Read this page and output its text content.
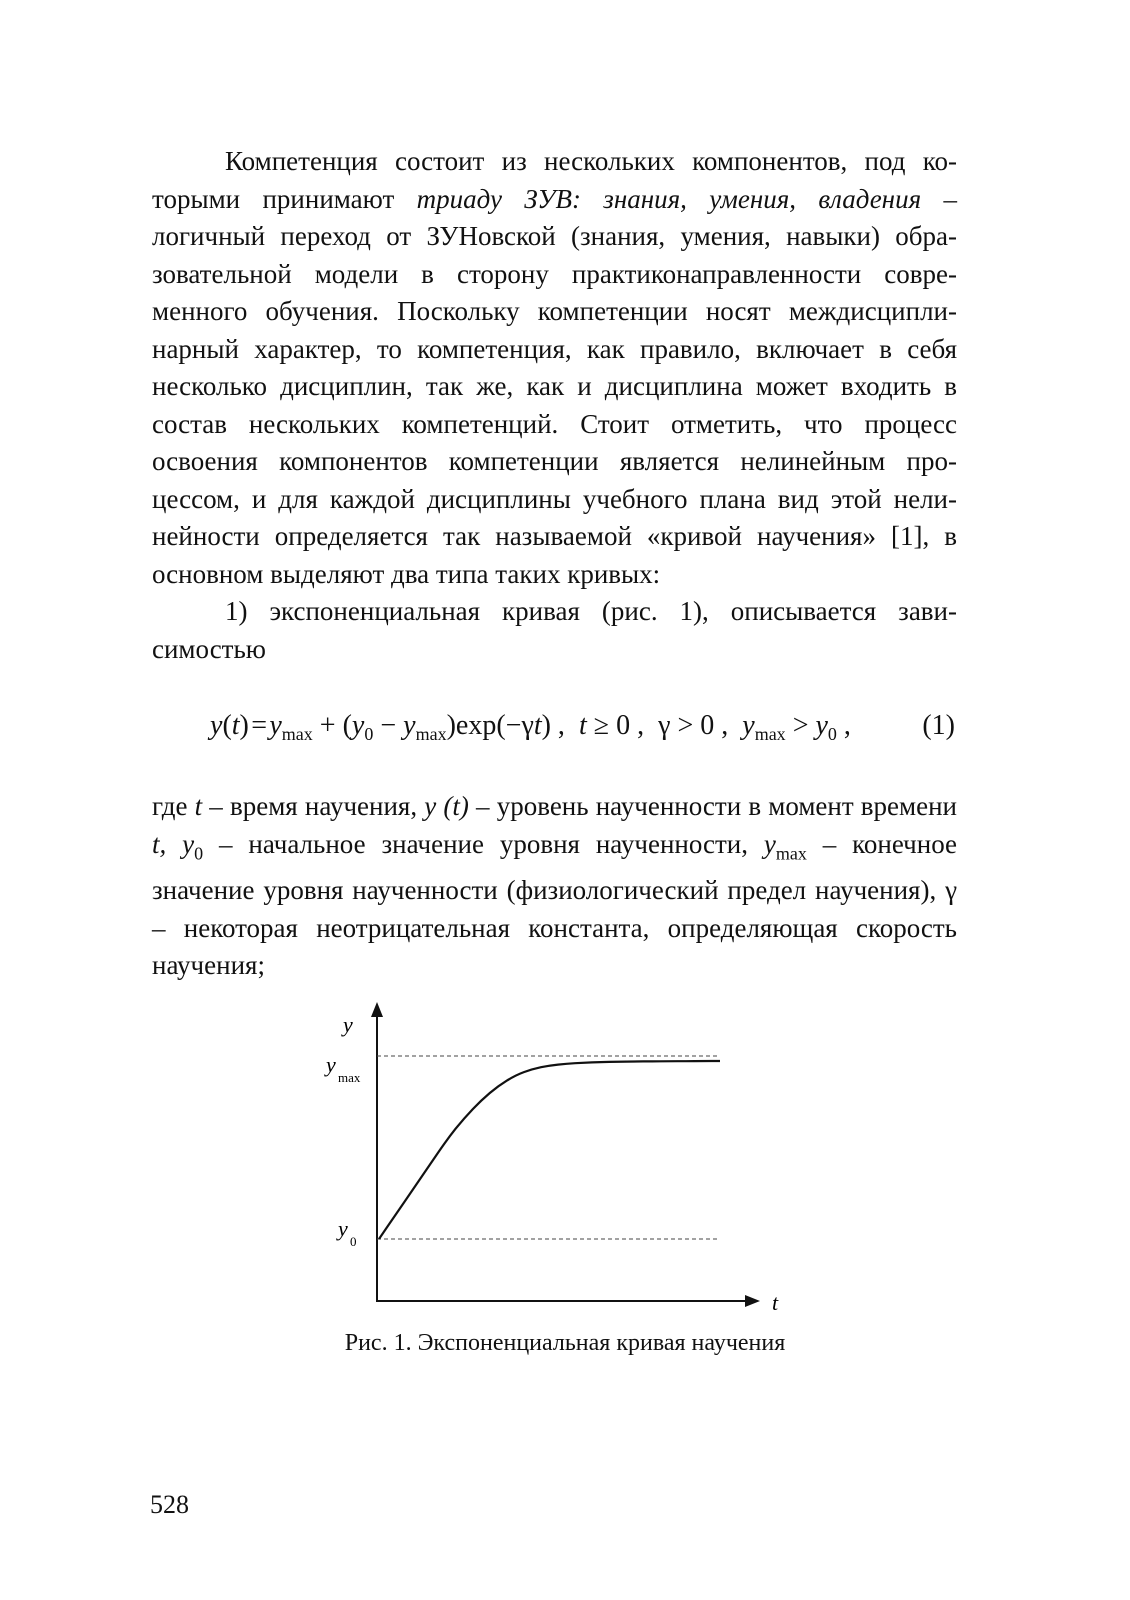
Компетенция состоит из нескольких компонентов, под которыми принимают триаду ЗУВ: знания, умения, владения – логичный переход от ЗУНовской (знания, умения, навыки) образовательной модели в сторону практиконаправленности современного обучения. Поскольку компетенции носят междисциплинарный характер, то компетенция, как правило, включает в себя несколько дисциплин, так же, как и дисциплина может входить в состав нескольких компетенций. Стоит отметить, что процесс освоения компонентов компетенции является нелинейным процессом, и для каждой дисциплины учебного плана вид этой нелинейности определяется так называемой «кривой научения» [1], в основном выделяют два типа таких кривых:

1) экспоненциальная кривая (рис. 1), описывается зависимостью

y(t) = $y_{max} + (y_0 - y_{max})\exp(-\gamma t)$ ,  t ≥ 0 ,  γ > 0 ,  $y_{max} > y_0$ ,	(1)

где t – время научения, y (t) – уровень наученности в момент времени t, $y_0$ – начальное значение уровня наученности, $y_{max}$ – конечное значение уровня наученности (физиологический предел научения), γ – некоторая неотрицательная константа, определяющая скорость научения;

y
t
y
max
y
0
Рис. 1. Экспоненциальная кривая научения
528
